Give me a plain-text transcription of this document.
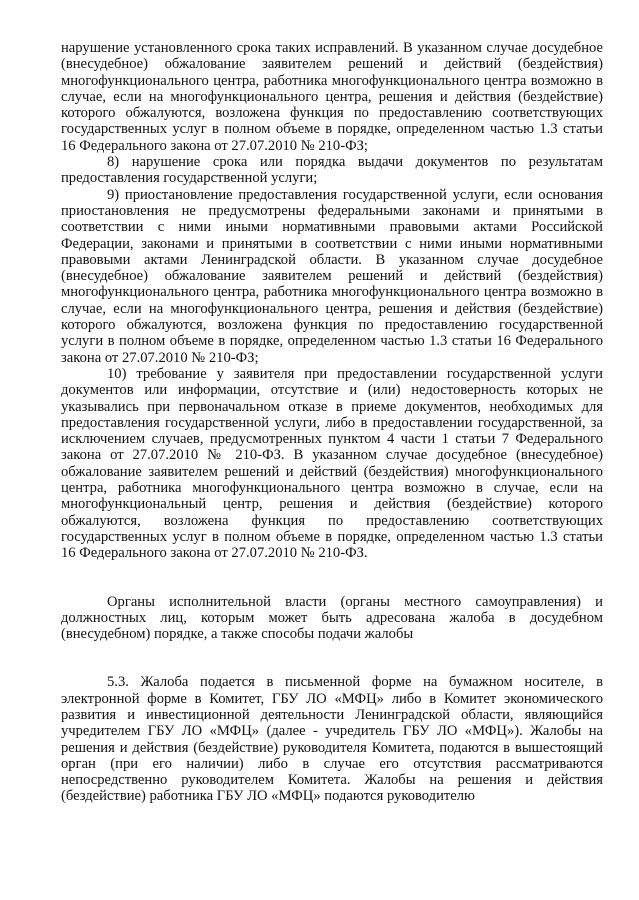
нарушение установленного срока таких исправлений. В указанном случае досудебное (внесудебное) обжалование заявителем решений и действий (бездействия) многофункционального центра, работника многофункционального центра возможно в случае, если на многофункционального центра, решения и действия (бездействие) которого обжалуются, возложена функция по предоставлению соответствующих государственных услуг в полном объеме в порядке, определенном частью 1.3 статьи 16 Федерального закона от 27.07.2010 № 210-ФЗ;

8) нарушение срока или порядка выдачи документов по результатам предоставления государственной услуги;

9) приостановление предоставления государственной услуги, если основания приостановления не предусмотрены федеральными законами и принятыми в соответствии с ними иными нормативными правовыми актами Российской Федерации, законами и принятыми в соответствии с ними иными нормативными правовыми актами Ленинградской области. В указанном случае досудебное (внесудебное) обжалование заявителем решений и действий (бездействия) многофункционального центра, работника многофункционального центра возможно в случае, если на многофункционального центра, решения и действия (бездействие) которого обжалуются, возложена функция по предоставлению государственной услуги в полном объеме в порядке, определенном частью 1.3 статьи 16 Федерального закона от 27.07.2010 № 210-ФЗ;

10) требование у заявителя при предоставлении государственной услуги документов или информации, отсутствие и (или) недостоверность которых не указывались при первоначальном отказе в приеме документов, необходимых для предоставления государственной услуги, либо в предоставлении государственной, за исключением случаев, предусмотренных пунктом 4 части 1 статьи 7 Федерального закона от 27.07.2010 № 210-ФЗ. В указанном случае досудебное (внесудебное) обжалование заявителем решений и действий (бездействия) многофункционального центра, работника многофункционального центра возможно в случае, если на многофункциональный центр, решения и действия (бездействие) которого обжалуются, возложена функция по предоставлению соответствующих государственных услуг в полном объеме в порядке, определенном частью 1.3 статьи 16 Федерального закона от 27.07.2010 № 210-ФЗ.

Органы исполнительной власти (органы местного самоуправления) и должностных лиц, которым может быть адресована жалоба в досудебном (внесудебном) порядке, а также способы подачи жалобы

5.3. Жалоба подается в письменной форме на бумажном носителе, в электронной форме в Комитет, ГБУ ЛО «МФЦ» либо в Комитет экономического развития и инвестиционной деятельности Ленинградской области, являющийся учредителем ГБУ ЛО «МФЦ» (далее - учредитель ГБУ ЛО «МФЦ»). Жалобы на решения и действия (бездействие) руководителя Комитета, подаются в вышестоящий орган (при его наличии) либо в случае его отсутствия рассматриваются непосредственно руководителем Комитета. Жалобы на решения и действия (бездействие) работника ГБУ ЛО «МФЦ» подаются руководителю
